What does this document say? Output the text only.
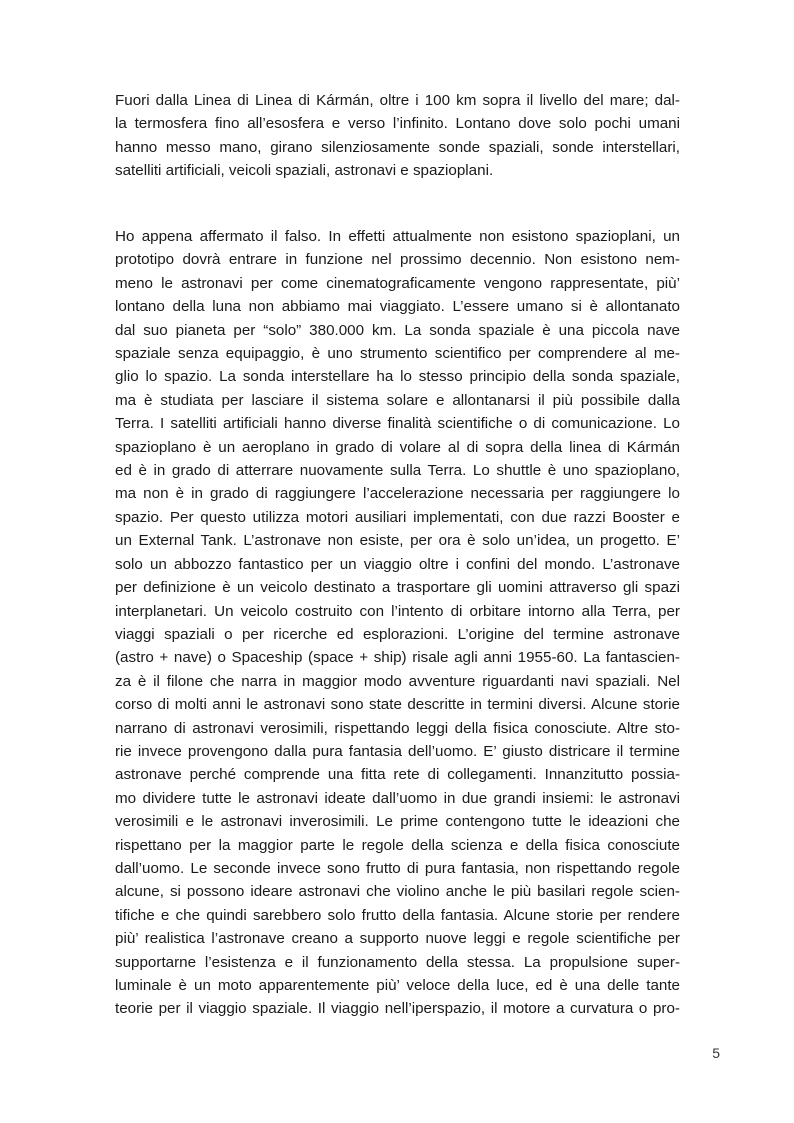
Fuori dalla Linea di Linea di Kármán, oltre i 100 km sopra il livello del mare; dal-
la termosfera fino all’esosfera e verso l’infinito. Lontano dove solo pochi umani
hanno messo mano, girano silenziosamente sonde spaziali, sonde interstellari,
satelliti artificiali, veicoli spaziali, astronavi e spazioplani.
Ho appena affermato il falso. In effetti attualmente non esistono spazioplani, un
prototipo dovrà entrare in funzione nel prossimo decennio. Non esistono nem-
meno le astronavi per come cinematograficamente vengono rappresentate, più’
lontano della luna non abbiamo mai viaggiato. L’essere umano si è allontanato
dal suo pianeta per “solo” 380.000 km. La sonda spaziale è una piccola nave
spaziale senza equipaggio, è uno strumento scientifico per comprendere al me-
glio lo spazio. La sonda interstellare ha lo stesso principio della sonda spaziale,
ma è studiata per lasciare il sistema solare e allontanarsi il più possibile dalla
Terra. I satelliti artificiali hanno diverse finalità scientifiche o di comunicazione. Lo
spazioplano è un aeroplano in grado di volare al di sopra della linea di Kármán
ed è in grado di atterrare nuovamente sulla Terra. Lo shuttle è uno spazioplano,
ma non è in grado di raggiungere l’accelerazione necessaria per raggiungere lo
spazio. Per questo utilizza motori ausiliari implementati, con due razzi Booster e
un External Tank. L’astronave non esiste, per ora è solo un’idea, un progetto. E’
solo un abbozzo fantastico per un viaggio oltre i confini del mondo. L’astronave
per definizione è un veicolo destinato a trasportare gli uomini attraverso gli spazi
interplanetari. Un veicolo costruito con l’intento di orbitare intorno alla Terra, per
viaggi spaziali o per ricerche ed esplorazioni. L’origine del termine astronave
(astro + nave) o Spaceship (space + ship) risale agli anni 1955-60. La fantascien-
za è il filone che narra in maggior modo avventure riguardanti navi spaziali. Nel
corso di molti anni le astronavi sono state descritte in termini diversi. Alcune storie
narrano di astronavi verosimili, rispettando leggi della fisica conosciute. Altre sto-
rie invece provengono dalla pura fantasia dell’uomo. E’ giusto districare il termine
astronave perché comprende una fitta rete di collegamenti. Innanzitutto possia-
mo dividere tutte le astronavi ideate dall’uomo in due grandi insiemi: le astronavi
verosimili e le astronavi inverosimili. Le prime contengono tutte le ideazioni che
rispettano per la maggior parte le regole della scienza e della fisica conosciute
dall’uomo. Le seconde invece sono frutto di pura fantasia, non rispettando regole
alcune, si possono ideare astronavi che violino anche le più basilari regole scien-
tifiche e che quindi sarebbero solo frutto della fantasia. Alcune storie per rendere
più’ realistica l’astronave creano a supporto nuove leggi e regole scientifiche per
supportarne l’esistenza e il funzionamento della stessa. La propulsione super-
luminale è un moto apparentemente più’ veloce della luce, ed è una delle tante
teorie per il viaggio spaziale. Il viaggio nell’iperspazio, il motore a curvatura o pro-
5
